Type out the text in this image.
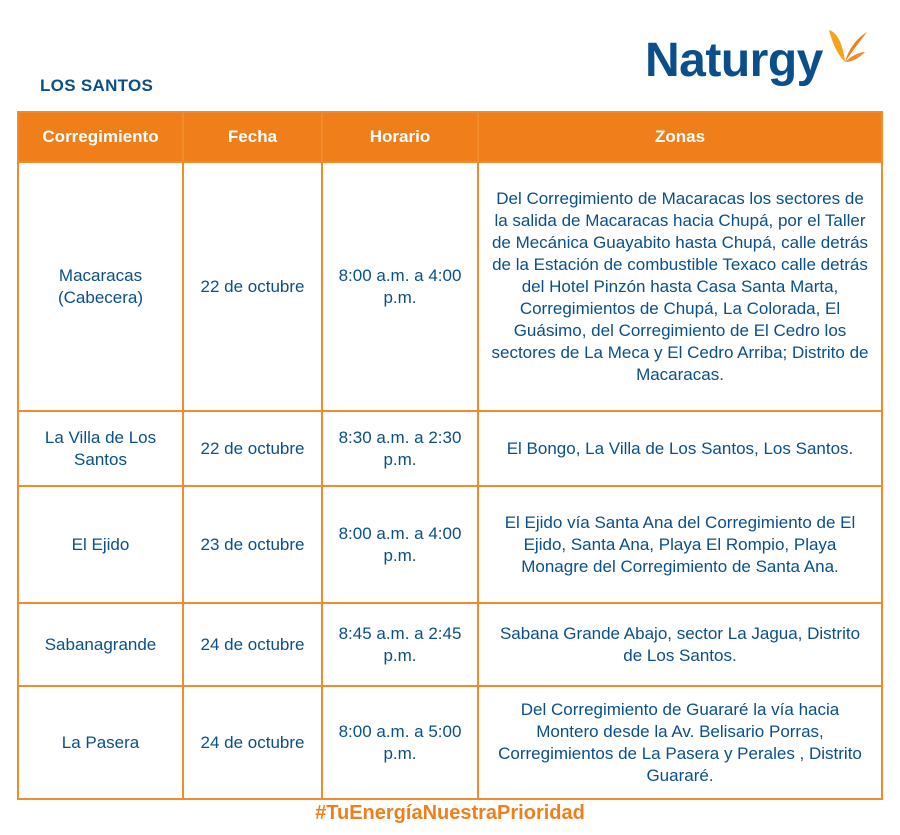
LOS SANTOS	Naturgy
Corregimiento	Fecha	Horario	Zonas
Macaracas (Cabecera)	22 de octubre	8:00 a.m. a 4:00 p.m.	Del Corregimiento de Macaracas los sectores de la salida de Macaracas hacia Chupá, por el Taller de Mecánica Guayabito hasta Chupá, calle detrás de la Estación de combustible Texaco calle detrás del Hotel Pinzón hasta Casa Santa Marta, Corregimientos de Chupá, La Colorada, El Guásimo, del Corregimiento de El Cedro los sectores de La Meca y El Cedro Arriba; Distrito de Macaracas.
La Villa de Los Santos	22 de octubre	8:30 a.m. a 2:30 p.m.	El Bongo, La Villa de Los Santos, Los Santos.
El Ejido	23 de octubre	8:00 a.m. a 4:00 p.m.	El Ejido vía Santa Ana del Corregimiento de El Ejido, Santa Ana, Playa El Rompio, Playa Monagre del Corregimiento de Santa Ana.
Sabanagrande	24 de octubre	8:45 a.m. a 2:45 p.m.	Sabana Grande Abajo, sector La Jagua, Distrito de Los Santos.
La Pasera	24 de octubre	8:00 a.m. a 5:00 p.m.	Del Corregimiento de Guararé la vía hacia Montero desde la Av. Belisario Porras, Corregimientos de La Pasera y Perales , Distrito Guararé.
#TuEnergíaNuestraPrioridad
